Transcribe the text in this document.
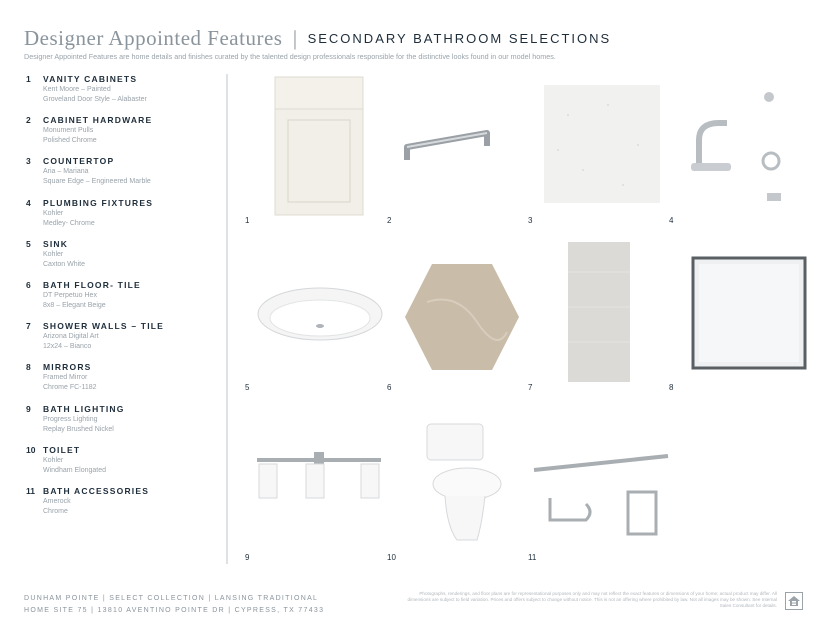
Designer Appointed Features | SECONDARY BATHROOM SELECTIONS
Designer Appointed Features are home details and finishes curated by the talented design professionals responsible for the distinctive looks found in our model homes.
1 VANITY CABINETS
Kent Moore – Painted
Groveland Door Style – Alabaster
2 CABINET HARDWARE
Monument Pulls
Polished Chrome
3 COUNTERTOP
Aria – Mariana
Square Edge – Engineered Marble
4 PLUMBING FIXTURES
Kohler
Medley- Chrome
5 SINK
Kohler
Caxton White
6 BATH FLOOR- TILE
DT Perpetuo Hex
8x8 – Elegant Beige
7 SHOWER WALLS – TILE
Arizona Digital Art
12x24 – Bianco
8 MIRRORS
Framed Mirror
Chrome FC-1182
9 BATH LIGHTING
Progress Lighting
Replay Brushed Nickel
10 TOILET
Kohler
Windham Elongated
11 BATH ACCESSORIES
Amerock
Chrome
1	2	3	4
5	6	7	8
9	10	11
DUNHAM POINTE | SELECT COLLECTION | LANSING TRADITIONAL
HOME SITE 75 | 13810 AVENTINO POINTE DR | CYPRESS, TX 77433
Photographs, renderings, and floor plans are for representational purposes only and may not reflect the exact features or dimensions of your home; actual product may differ. All dimensions are subject to field variation. Prices and offers subject to change without notice. This is not an offering where prohibited by law. Not all images may be shown. See Internal Sales Consultant for details.
